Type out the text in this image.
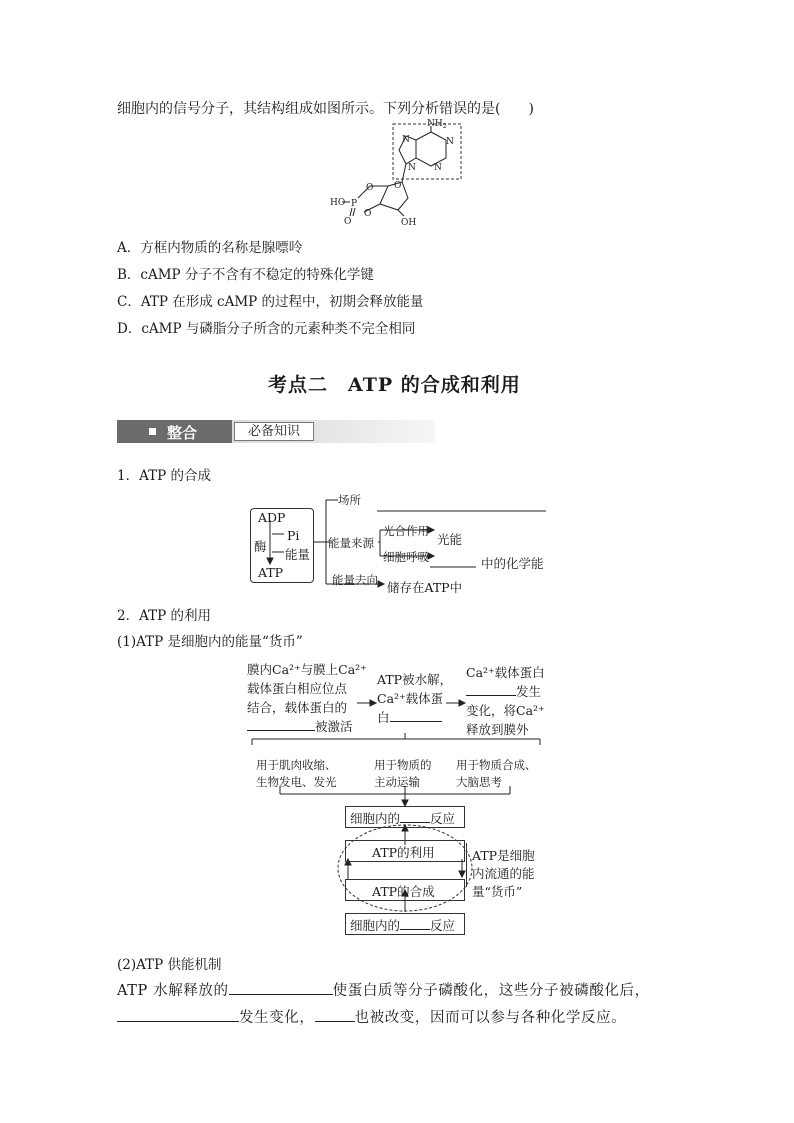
细胞内的信号分子，其结构组成如图所示。下列分析错误的是(　　)
$NH_2$
N
N
N
N
O
O
O
P
HO
OH
O
A．方框内物质的名称是腺嘌呤
B．cAMP 分子不含有不稳定的特殊化学键
C．ATP 在形成 cAMP 的过程中，初期会释放能量
D．cAMP 与磷脂分子所含的元素种类不完全相同
考点二　ATP 的合成和利用
整合	必备知识
1．ATP 的合成
ADP
Pi
酶
能量
ATP
场所
能量来源
光合作用
光能
细胞呼吸	中的化学能
能量去向 储存在ATP中
2．ATP 的利用
(1)ATP 是细胞内的能量“货币”
膜内Ca²⁺与膜上Ca²⁺
载体蛋白相应位点
结合，载体蛋白的
被激活
ATP被水解，
Ca²⁺载体蛋
白
Ca²⁺载体蛋白
发生
变化，将Ca²⁺
释放到膜外
用于肌肉收缩、
生物发电、发光
用于物质的
主动运输
用于物质合成、
大脑思考
细胞内的 反应
ATP的利用
ATP的合成
细胞内的 反应
ATP是细胞
内流通的能
量“货币”
(2)ATP 供能机制
ATP 水解释放的	使蛋白质等分子磷酸化，这些分子被磷酸化后，
发生变化，	也被改变，因而可以参与各种化学反应。
